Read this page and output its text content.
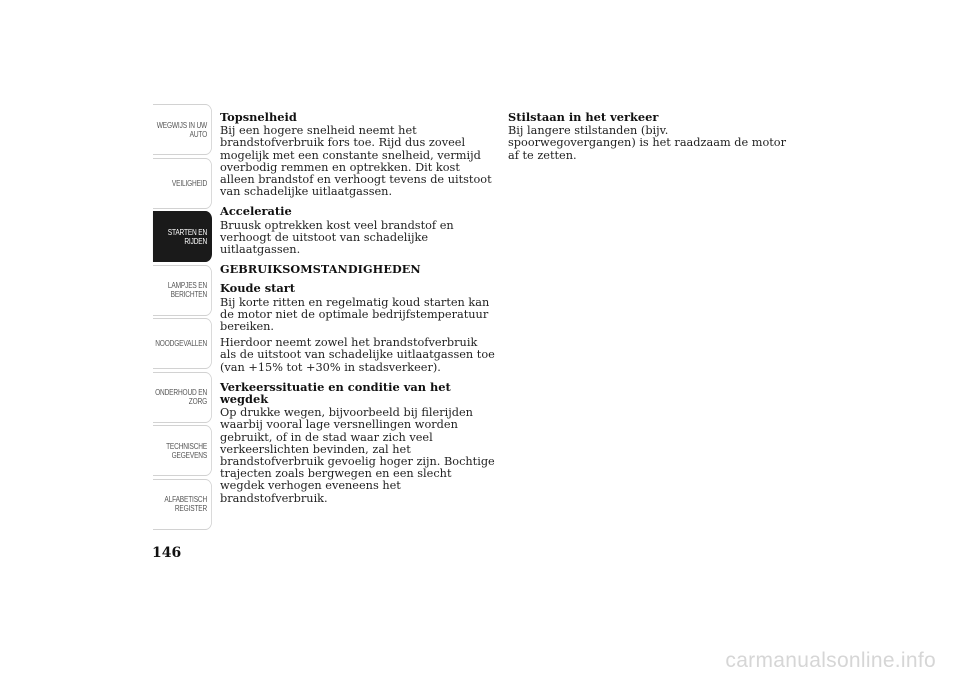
WEGWIJS IN UW
AUTO
VEILIGHEID
STARTEN EN
RIJDEN
LAMPJES EN
BERICHTEN
NOODGEVALLEN
ONDERHOUD EN
ZORG
TECHNISCHE
GEGEVENS
ALFABETISCH
REGISTER
146
Topsnelheid

Bij een hogere snelheid neemt het brandstofverbruik fors toe. Rijd dus zoveel mogelijk met een constante snelheid, vermijd overbodig remmen en optrekken. Dit kost alleen brandstof en verhoogt tevens de uitstoot van schadelijke uitlaatgassen.

Acceleratie

Bruusk optrekken kost veel brandstof en verhoogt de uitstoot van schadelijke uitlaatgassen.

GEBRUIKSOMSTANDIGHEDEN
Koude start

Bij korte ritten en regelmatig koud starten kan de motor niet de optimale bedrijfstemperatuur bereiken.

Hierdoor neemt zowel het brandstofverbruik als de uitstoot van schadelijke uitlaatgassen toe (van +15% tot +30% in stadsverkeer).

Verkeerssituatie en conditie van het wegdek

Op drukke wegen, bijvoorbeeld bij filerijden waarbij vooral lage versnellingen worden gebruikt, of in de stad waar zich veel verkeerslichten bevinden, zal het brandstofverbruik gevoelig hoger zijn. Bochtige trajecten zoals bergwegen en een slecht wegdek verhogen eveneens het brandstofverbruik.

Stilstaan in het verkeer

Bij langere stilstanden (bijv. spoorwegovergangen) is het raadzaam de motor af te zetten.

carmanualsonline.info
